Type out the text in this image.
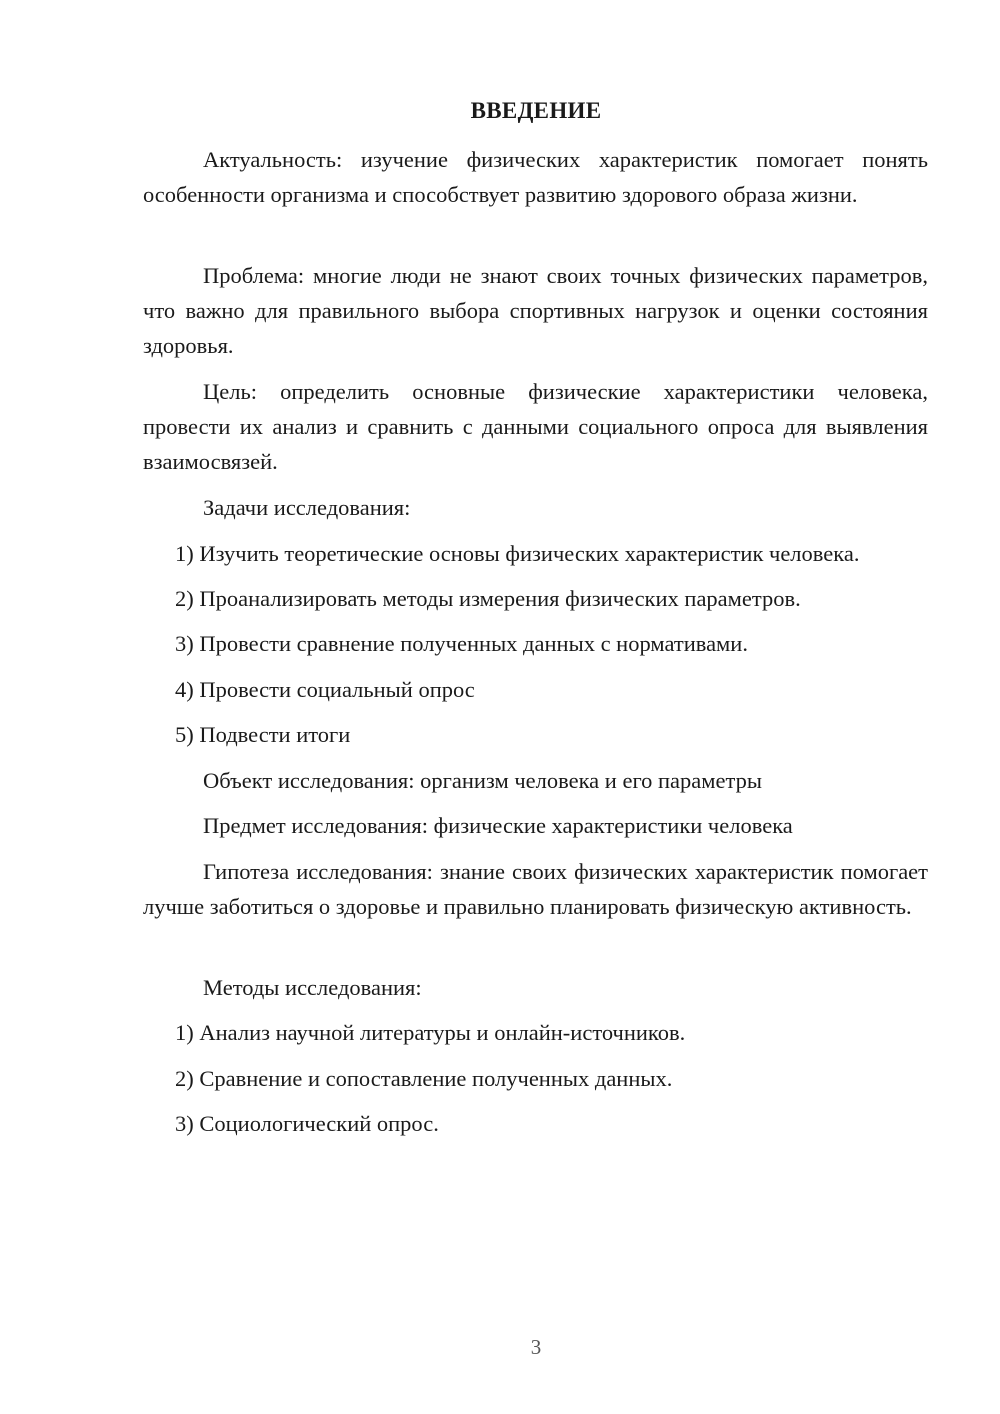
ВВЕДЕНИЕ

Актуальность: изучение физических характеристик помогает понять особенности организма и способствует развитию здорового образа жизни.

Проблема: многие люди не знают своих точных физических параметров, что важно для правильного выбора спортивных нагрузок и оценки состояния здоровья.

Цель: определить основные физические характеристики человека, провести их анализ и сравнить с данными социального опроса для выявления взаимосвязей.

Задачи исследования:
1) Изучить теоретические основы физических характеристик человека.
2) Проанализировать методы измерения физических параметров.
3) Провести сравнение полученных данных с нормативами.
4) Провести социальный опрос
5) Подвести итоги
Объект исследования: организм человека и его параметры
Предмет исследования: физические характеристики человека

Гипотеза исследования: знание своих физических характеристик помогает лучше заботиться о здоровье и правильно планировать физическую активность.

Методы исследования:
1) Анализ научной литературы и онлайн-источников.
2) Сравнение и сопоставление полученных данных.
3) Социологический опрос.
3
